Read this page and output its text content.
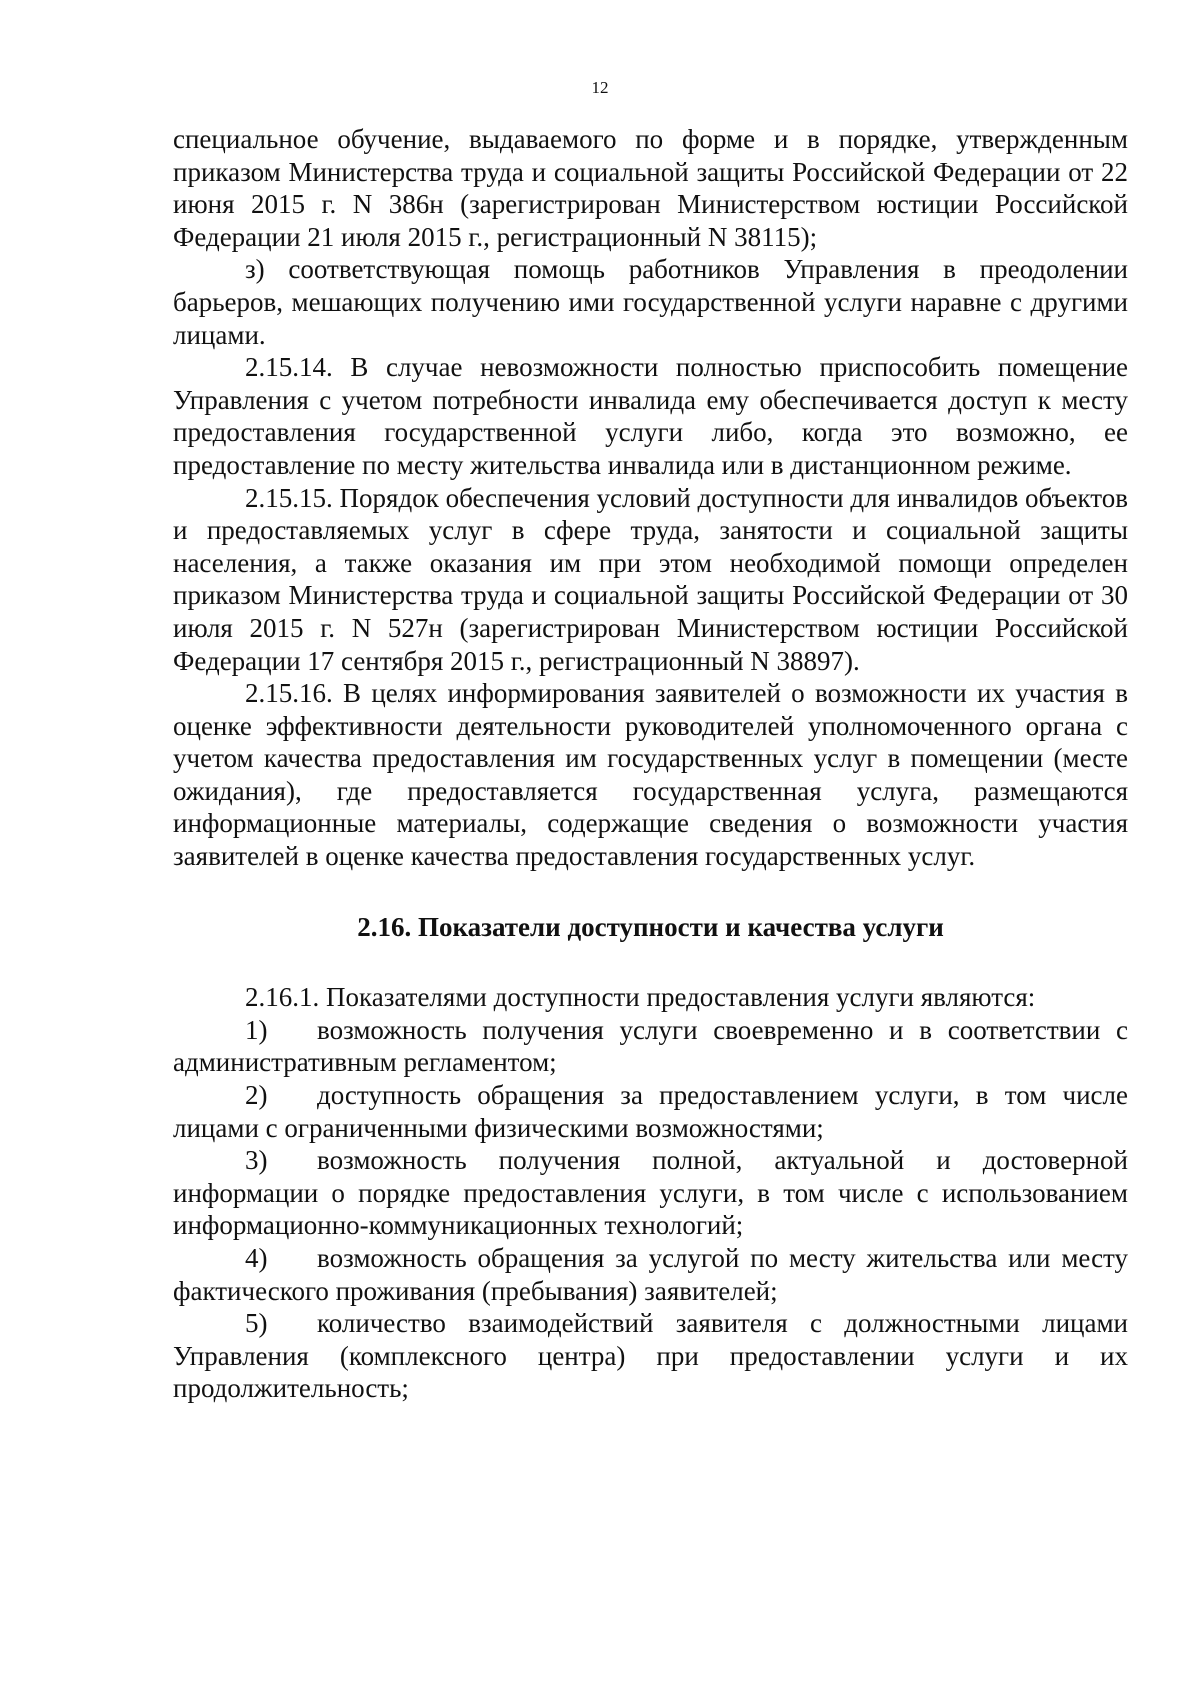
12

специальное обучение, выдаваемого по форме и в порядке, утвержденным приказом Министерства труда и социальной защиты Российской Федерации от 22 июня 2015 г. N 386н (зарегистрирован Министерством юстиции Российской Федерации 21 июля 2015 г., регистрационный N 38115);

з) соответствующая помощь работников Управления в преодолении барьеров, мешающих получению ими государственной услуги наравне с другими лицами.

2.15.14. В случае невозможности полностью приспособить помещение Управления с учетом потребности инвалида ему обеспечивается доступ к месту предоставления государственной услуги либо, когда это возможно, ее предоставление по месту жительства инвалида или в дистанционном режиме.

2.15.15. Порядок обеспечения условий доступности для инвалидов объектов и предоставляемых услуг в сфере труда, занятости и социальной защиты населения, а также оказания им при этом необходимой помощи определен приказом Министерства труда и социальной защиты Российской Федерации от 30 июля 2015 г. N 527н (зарегистрирован Министерством юстиции Российской Федерации 17 сентября 2015 г., регистрационный N 38897).

2.15.16. В целях информирования заявителей о возможности их участия в оценке эффективности деятельности руководителей уполномоченного органа с учетом качества предоставления им государственных услуг в помещении (месте ожидания), где предоставляется государственная услуга, размещаются информационные материалы, содержащие сведения о возможности участия заявителей в оценке качества предоставления государственных услуг.

2.16. Показатели доступности и качества услуги

2.16.1. Показателями доступности предоставления услуги являются:

1) возможность получения услуги своевременно и в соответствии с административным регламентом;

2) доступность обращения за предоставлением услуги, в том числе лицами с ограниченными физическими возможностями;

3) возможность получения полной, актуальной и достоверной информации о порядке предоставления услуги, в том числе с использованием информационно-коммуникационных технологий;

4) возможность обращения за услугой по месту жительства или месту фактического проживания (пребывания) заявителей;

5) количество взаимодействий заявителя с должностными лицами Управления (комплексного центра) при предоставлении услуги и их продолжительность;
